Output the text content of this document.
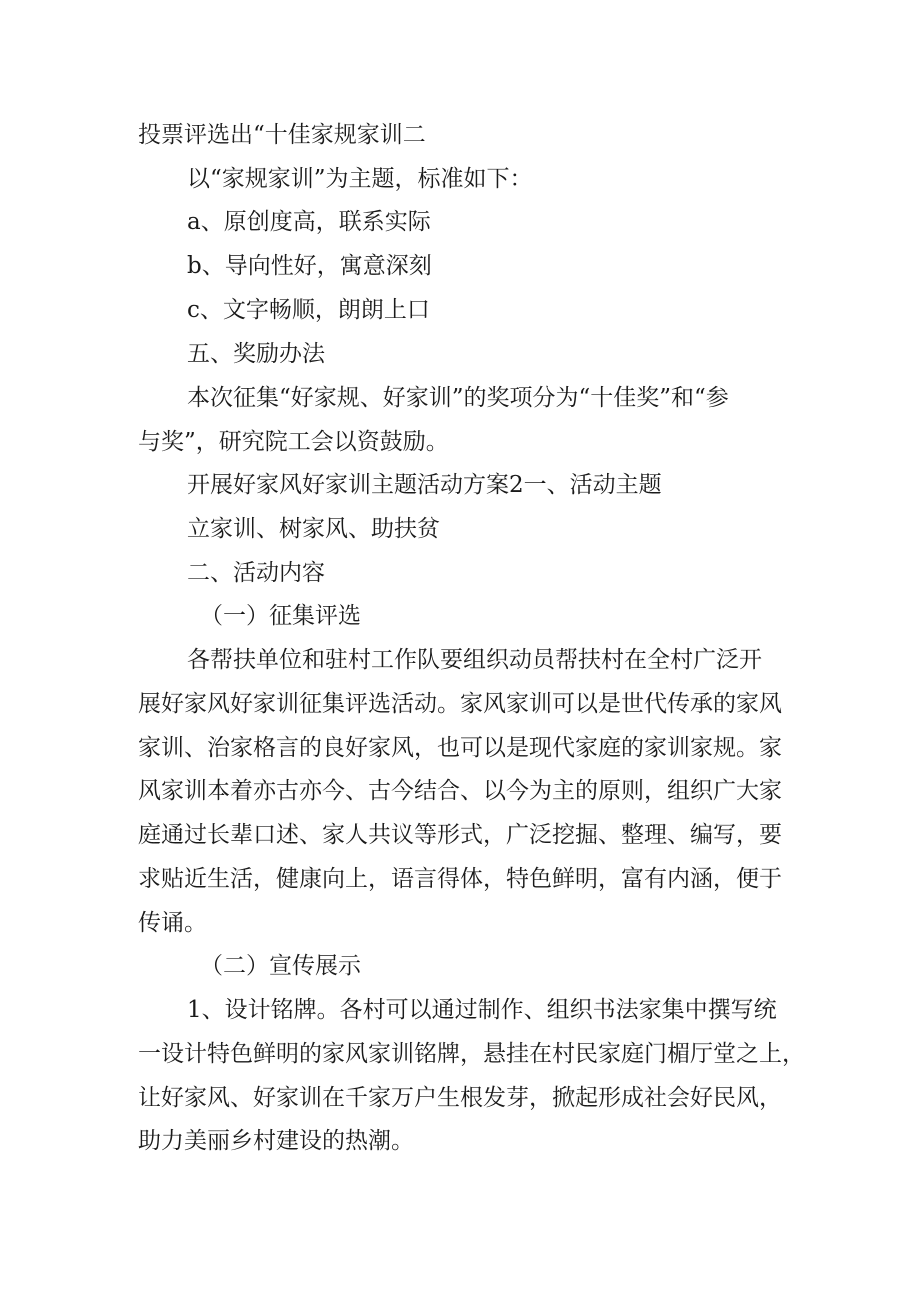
投票评选出“十佳家规家训二
以“家规家训”为主题，标准如下：
a、原创度高，联系实际
b、导向性好，寓意深刻
c、文字畅顺，朗朗上口
五、奖励办法
本次征集“好家规、好家训”的奖项分为“十佳奖”和“参
与奖”，研究院工会以资鼓励。
开展好家风好家训主题活动方案2一、活动主题
立家训、树家风、助扶贫
二、活动内容
（一）征集评选
各帮扶单位和驻村工作队要组织动员帮扶村在全村广泛开
展好家风好家训征集评选活动。家风家训可以是世代传承的家风
家训、治家格言的良好家风，也可以是现代家庭的家训家规。家
风家训本着亦古亦今、古今结合、以今为主的原则，组织广大家
庭通过长辈口述、家人共议等形式，广泛挖掘、整理、编写，要
求贴近生活，健康向上，语言得体，特色鲜明，富有内涵，便于
传诵。
（二）宣传展示
1、设计铭牌。各村可以通过制作、组织书法家集中撰写统
一设计特色鲜明的家风家训铭牌，悬挂在村民家庭门楣厅堂之上，
让好家风、好家训在千家万户生根发芽，掀起形成社会好民风，
助力美丽乡村建设的热潮。
